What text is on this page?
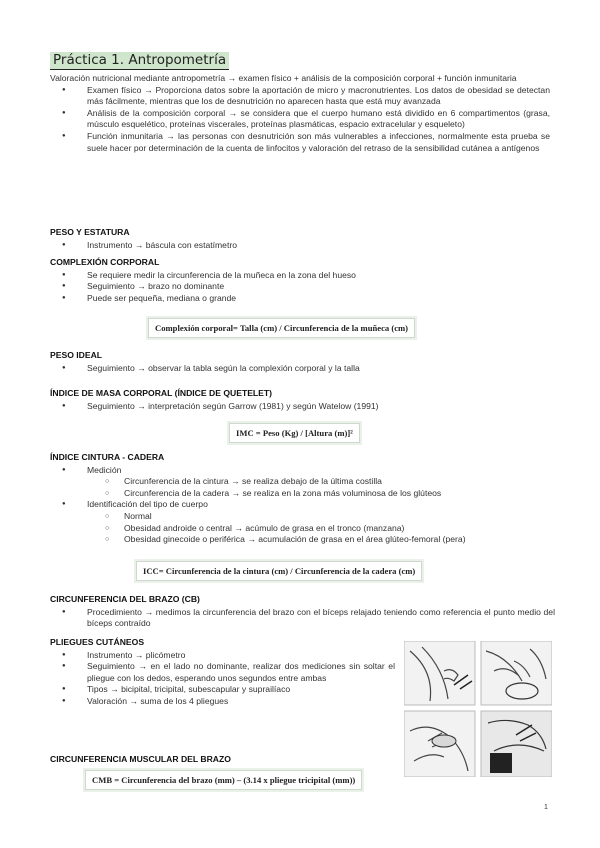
Práctica 1. Antropometría
Valoración nutricional mediante antropometría → examen físico + análisis de la composición corporal + función inmunitaria
● Examen físico → Proporciona datos sobre la aportación de micro y macronutrientes. Los datos de obesidad se detectan más fácilmente, mientras que los de desnutrición no aparecen hasta que está muy avanzada
● Análisis de la composición corporal → se considera que el cuerpo humano está dividido en 6 compartimentos (grasa, músculo esquelético, proteínas viscerales, proteínas plasmáticas, espacio extracelular y esqueleto)
● Función inmunitaria → las personas con desnutrición son más vulnerables a infecciones, normalmente esta prueba se suele hacer por determinación de la cuenta de linfocitos y valoración del retraso de la sensibilidad cutánea a antígenos
PESO Y ESTATURA
● Instrumento → báscula con estatímetro
COMPLEXIÓN CORPORAL
● Se requiere medir la circunferencia de la muñeca en la zona del hueso
● Seguimiento → brazo no dominante
● Puede ser pequeña, mediana o grande
Complexión corporal= Talla (cm) / Circunferencia de la muñeca (cm)
PESO IDEAL
● Seguimiento → observar la tabla según la complexión corporal y la talla
ÍNDICE DE MASA CORPORAL (ÍNDICE DE QUETELET)
● Seguimiento → interpretación según Garrow (1981) y según Watelow (1991)
IMC = Peso (Kg) / [Altura (m)]²
ÍNDICE CINTURA - CADERA
● Medición
○ Circunferencia de la cintura → se realiza debajo de la última costilla
○ Circunferencia de la cadera → se realiza en la zona más voluminosa de los glúteos
● Identificación del tipo de cuerpo
○ Normal
○ Obesidad androide o central → acúmulo de grasa en el tronco (manzana)
○ Obesidad ginecoide o periférica → acumulación de grasa en el área glúteo-femoral (pera)
ICC= Circunferencia de la cintura (cm) / Circunferencia de la cadera (cm)
CIRCUNFERENCIA DEL BRAZO (CB)
● Procedimiento → medimos la circunferencia del brazo con el bíceps relajado teniendo como referencia el punto medio del bíceps contraído
PLIEGUES CUTÁNEOS
● Instrumento → plicómetro
● Seguimiento → en el lado no dominante, realizar dos mediciones sin soltar el pliegue con los dedos, esperando unos segundos entre ambas
● Tipos → bicipital, tricipital, subescapular y suprailíaco
● Valoración → suma de los 4 pliegues
CIRCUNFERENCIA MUSCULAR DEL BRAZO
CMB = Circunferencia del brazo (mm) – (3.14 x pliegue tricipital (mm))
1
